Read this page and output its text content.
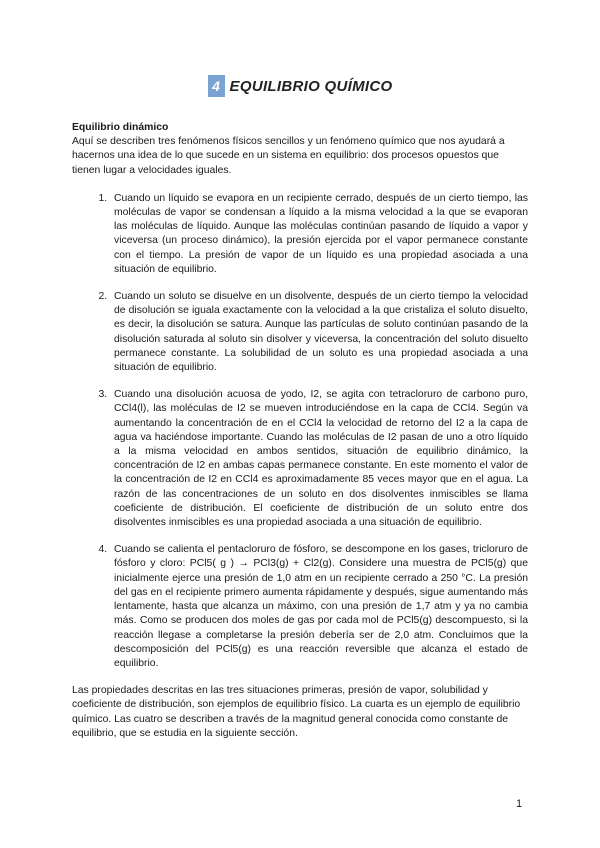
4 EQUILIBRIO QUÍMICO

Equilibrio dinámico

Aquí se describen tres fenómenos físicos sencillos y un fenómeno químico que nos ayudará a hacernos una idea de lo que sucede en un sistema en equilibrio: dos procesos opuestos que tienen lugar a velocidades iguales.

1. Cuando un líquido se evapora en un recipiente cerrado, después de un cierto tiempo, las moléculas de vapor se condensan a líquido a la misma velocidad a la que se evaporan las moléculas de líquido. Aunque las moléculas continúan pasando de líquido a vapor y viceversa (un proceso dinámico), la presión ejercida por el vapor permanece constante con el tiempo. La presión de vapor de un líquido es una propiedad asociada a una situación de equilibrio.
2. Cuando un soluto se disuelve en un disolvente, después de un cierto tiempo la velocidad de disolución se iguala exactamente con la velocidad a la que cristaliza el soluto disuelto, es decir, la disolución se satura. Aunque las partículas de soluto continúan pasando de la disolución saturada al soluto sin disolver y viceversa, la concentración del soluto disuelto permanece constante. La solubilidad de un soluto es una propiedad asociada a una situación de equilibrio.
3. Cuando una disolución acuosa de yodo, I2, se agita con tetracloruro de carbono puro, CCl4(l), las moléculas de I2 se mueven introduciéndose en la capa de CCl4. Según va aumentando la concentración de en el CCl4 la velocidad de retorno del I2 a la capa de agua va haciéndose importante. Cuando las moléculas de I2 pasan de uno a otro líquido a la misma velocidad en ambos sentidos, situación de equilibrio dinámico, la concentración de I2 en ambas capas permanece constante. En este momento el valor de la concentración de I2 en CCl4 es aproximadamente 85 veces mayor que en el agua. La razón de las concentraciones de un soluto en dos disolventes inmiscibles se llama coeficiente de distribución. El coeficiente de distribución de un soluto entre dos disolventes inmiscibles es una propiedad asociada a una situación de equilibrio.
4. Cuando se calienta el pentacloruro de fósforo, se descompone en los gases, tricloruro de fósforo y cloro: PCl5( g ) → PCl3(g) + Cl2(g). Considere una muestra de PCl5(g) que inicialmente ejerce una presión de 1,0 atm en un recipiente cerrado a 250 °C. La presión del gas en el recipiente primero aumenta rápidamente y después, sigue aumentando más lentamente, hasta que alcanza un máximo, con una presión de 1,7 atm y ya no cambia más. Como se producen dos moles de gas por cada mol de PCl5(g) descompuesto, si la reacción llegase a completarse la presión debería ser de 2,0 atm. Concluimos que la descomposición del PCl5(g) es una reacción reversible que alcanza el estado de equilibrio.

Las propiedades descritas en las tres situaciones primeras, presión de vapor, solubilidad y coeficiente de distribución, son ejemplos de equilibrio físico. La cuarta es un ejemplo de equilibrio químico. Las cuatro se describen a través de la magnitud general conocida como constante de equilibrio, que se estudia en la siguiente sección.

1
